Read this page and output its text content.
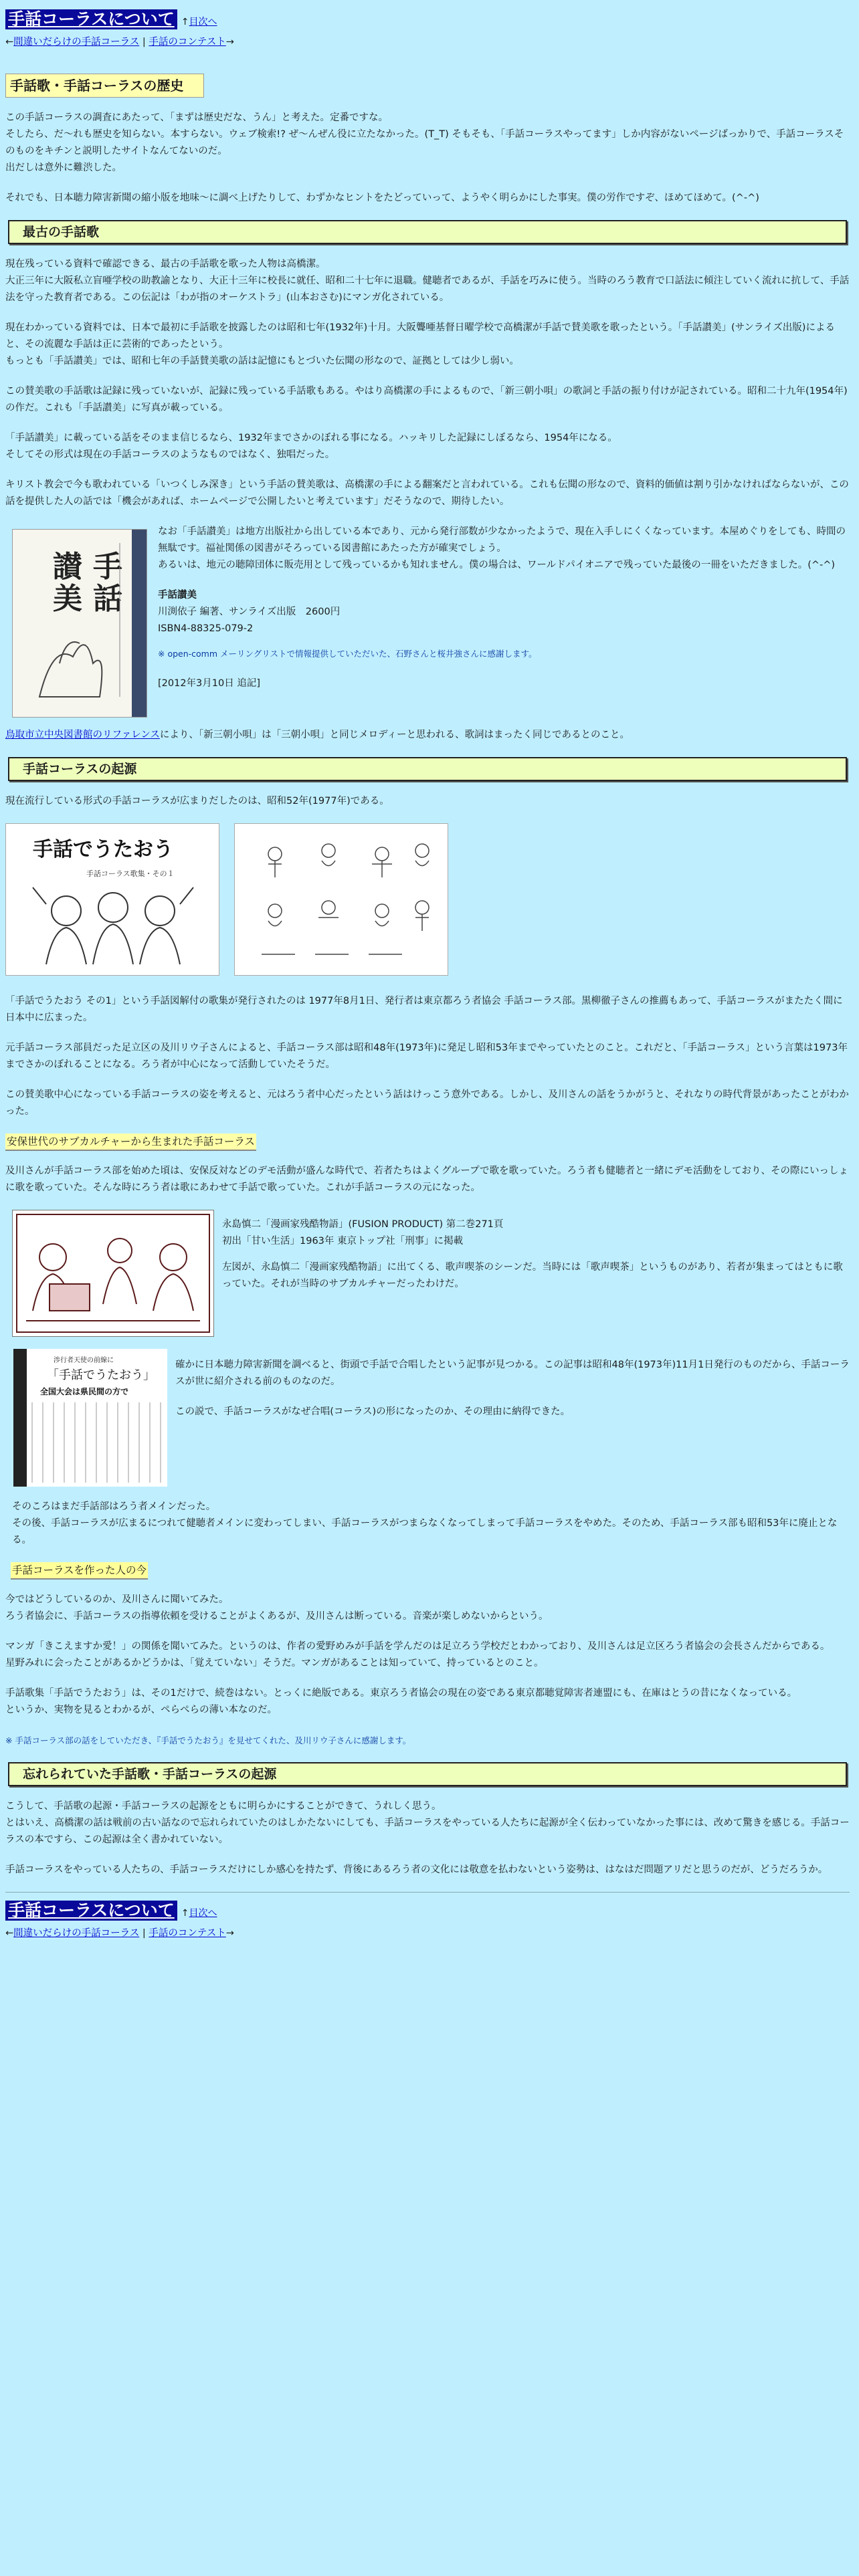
手話コーラスについて ↑目次へ
←間違いだらけの手話コーラス | 手話のコンテスト→
手話歌・手話コーラスの歴史

この手話コーラスの調査にあたって、「まずは歴史だな、うん」と考えた。定番ですな。
そしたら、だ～れも歴史を知らない。本すらない。ウェブ検索!? ぜ～んぜん役に立たなかった。(T_T) そもそも、「手話コーラスやってます」しか内容がないページばっかりで、手話コーラスそのものをキチンと説明したサイトなんてないのだ。
出だしは意外に難渋した。

それでも、日本聴力障害新聞の縮小版を地味～に調べ上げたりして、わずかなヒントをたどっていって、ようやく明らかにした事実。僕の労作ですぞ、ほめてほめて。(^-^)

最古の手話歌

現在残っている資料で確認できる、最古の手話歌を歌った人物は高橋潔。
大正三年に大阪私立盲唖学校の助教諭となり、大正十三年に校長に就任、昭和二十七年に退職。健聴者であるが、手話を巧みに使う。当時のろう教育で口話法に傾注していく流れに抗して、手話法を守った教育者である。この伝記は「わが指のオーケストラ」(山本おさむ)にマンガ化されている。

現在わかっている資料では、日本で最初に手話歌を披露したのは昭和七年(1932年)十月。大阪聾唖基督日曜学校で高橋潔が手話で賛美歌を歌ったという。「手話讃美」(サンライズ出版)によると、その流麗な手話は正に芸術的であったという。
もっとも「手話讃美」では、昭和七年の手話賛美歌の話は記憶にもとづいた伝聞の形なので、証拠としては少し弱い。

この賛美歌の手話歌は記録に残っていないが、記録に残っている手話歌もある。やはり高橋潔の手によるもので、「新三朝小唄」の歌詞と手話の振り付けが記されている。昭和二十九年(1954年)の作だ。これも「手話讃美」に写真が載っている。

「手話讃美」に載っている話をそのまま信じるなら、1932年までさかのぼれる事になる。ハッキリした記録にしぼるなら、1954年になる。
そしてその形式は現在の手話コーラスのようなものではなく、独唱だった。

キリスト教会で今も歌われている「いつくしみ深き」という手話の賛美歌は、高橋潔の手による翻案だと言われている。これも伝聞の形なので、資料的価値は割り引かなければならないが、この話を提供した人の話では「機会があれば、ホームページで公開したいと考えています」だそうなので、期待したい。

手
話
讃
美

なお「手話讃美」は地方出版社から出している本であり、元から発行部数が少なかったようで、現在入手しにくくなっています。本屋めぐりをしても、時間の無駄です。福祉関係の図書がそろっている図書館にあたった方が確実でしょう。
あるいは、地元の聴障団体に販売用として残っているかも知れません。僕の場合は、ワールドパイオニアで残っていた最後の一冊をいただきました。(^-^)

手話讃美
川渕依子 編著、サンライズ出版　2600円
ISBN4-88325-079-2

※ open-comm メーリングリストで情報提供していただいた、石野さんと桜井強さんに感謝します。

[2012年3月10日 追記]

鳥取市立中央図書館のリファレンスにより、「新三朝小唄」は「三朝小唄」と同じメロディーと思われる、歌詞はまったく同じであるとのこと。

手話コーラスの起源

現在流行している形式の手話コーラスが広まりだしたのは、昭和52年(1977年)である。

手話でうたおう
手話コーラス歌集・その１

「手話でうたおう その1」という手話図解付の歌集が発行されたのは 1977年8月1日、発行者は東京都ろう者協会 手話コーラス部。黒柳徹子さんの推薦もあって、手話コーラスがまたたく間に日本中に広まった。

元手話コーラス部員だった足立区の及川リウ子さんによると、手話コーラス部は昭和48年(1973年)に発足し昭和53年までやっていたとのこと。これだと、「手話コーラス」という言葉は1973年までさかのぼれることになる。ろう者が中心になって活動していたそうだ。

この賛美歌中心になっている手話コーラスの姿を考えると、元はろう者中心だったという話はけっこう意外である。しかし、及川さんの話をうかがうと、それなりの時代背景があったことがわかった。

安保世代のサブカルチャーから生まれた手話コーラス

及川さんが手話コーラス部を始めた頃は、安保反対などのデモ活動が盛んな時代で、若者たちはよくグループで歌を歌っていた。ろう者も健聴者と一緒にデモ活動をしており、その際にいっしょに歌を歌っていた。そんな時にろう者は歌にあわせて手話で歌っていた。これが手話コーラスの元になった。

永島慎二「漫画家残酷物語」(FUSION PRODUCT) 第二巻271頁
初出「甘い生活」1963年 東京トップ社「刑事」に掲載

左図が、永島慎二「漫画家残酷物語」に出てくる、歌声喫茶のシーンだ。当時には「歌声喫茶」というものがあり、若者が集まってはともに歌っていた。それが当時のサブカルチャーだったわけだ。

渉行者天使の前線に
「手話でうたおう」
全国大会は県民間の方で

確かに日本聴力障害新聞を調べると、街頭で手話で合唱したという記事が見つかる。この記事は昭和48年(1973年)11月1日発行のものだから、手話コーラスが世に紹介される前のものなのだ。

この説で、手話コーラスがなぜ合唱(コーラス)の形になったのか、その理由に納得できた。

そのころはまだ手話部はろう者メインだった。
その後、手話コーラスが広まるにつれて健聴者メインに変わってしまい、手話コーラスがつまらなくなってしまって手話コーラスをやめた。そのため、手話コーラス部も昭和53年に廃止となる。

手話コーラスを作った人の今

今ではどうしているのか、及川さんに聞いてみた。
ろう者協会に、手話コーラスの指導依頼を受けることがよくあるが、及川さんは断っている。音楽が楽しめないからという。

マンガ「きこえますか愛！」の関係を聞いてみた。というのは、作者の愛野めみが手話を学んだのは足立ろう学校だとわかっており、及川さんは足立区ろう者協会の会長さんだからである。
星野みれに会ったことがあるかどうかは、「覚えていない」そうだ。マンガがあることは知っていて、持っているとのこと。

手話歌集「手話でうたおう」は、その1だけで、続巻はない。とっくに絶版である。東京ろう者協会の現在の姿である東京都聴覚障害者連盟にも、在庫はとうの昔になくなっている。
というか、実物を見るとわかるが、ペらぺらの薄い本なのだ。

※ 手話コーラス部の話をしていただき、『手話でうたおう』を見せてくれた、及川リウ子さんに感謝します。

忘れられていた手話歌・手話コーラスの起源

こうして、手話歌の起源・手話コーラスの起源をともに明らかにすることができて、うれしく思う。
とはいえ、高橋潔の話は戦前の古い話なので忘れられていたのはしかたないにしても、手話コーラスをやっている人たちに起源が全く伝わっていなかった事には、改めて驚きを感じる。手話コーラスの本ですら、この起源は全く書かれていない。

手話コーラスをやっている人たちの、手話コーラスだけにしか感心を持たず、背後にあるろう者の文化には敬意を払わないという姿勢は、はなはだ問題アリだと思うのだが、どうだろうか。

手話コーラスについて ↑目次へ
←間違いだらけの手話コーラス | 手話のコンテスト→
